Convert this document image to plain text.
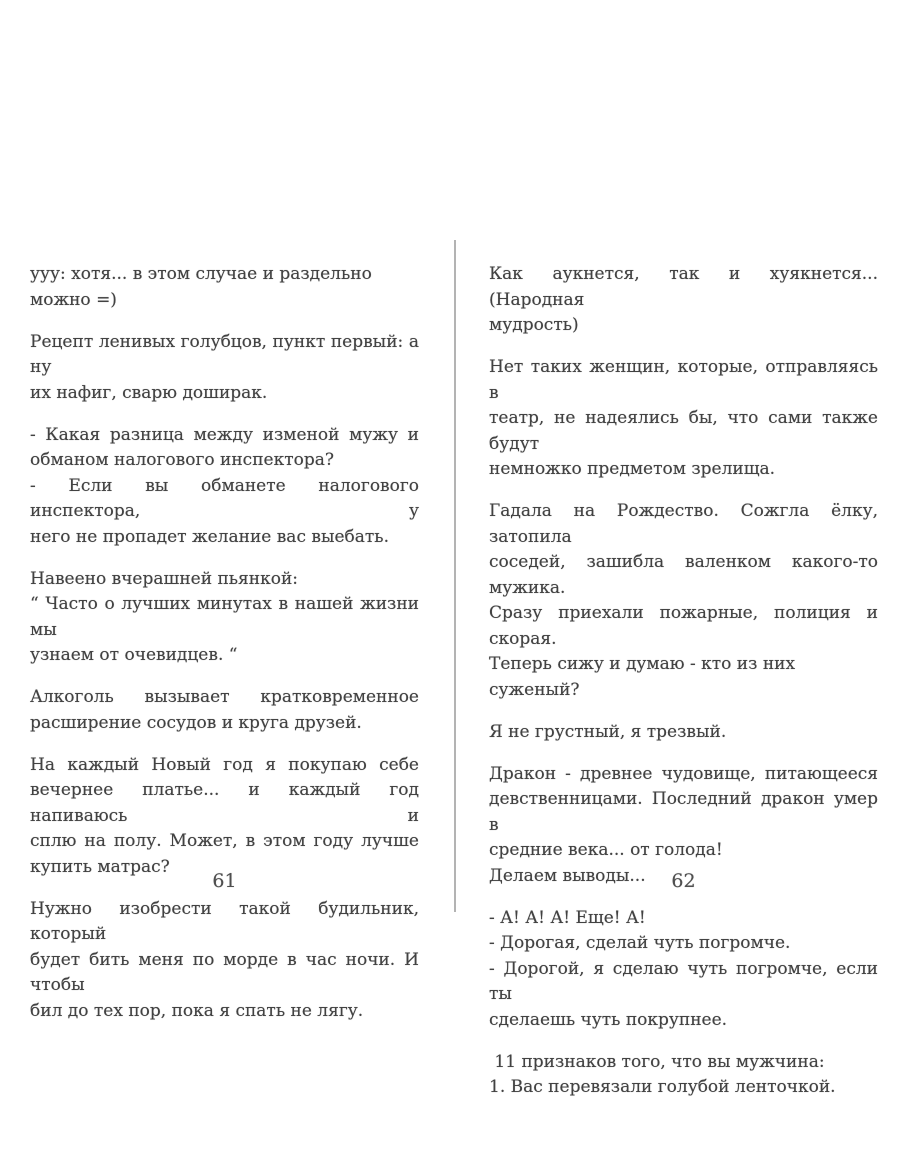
ууу: хотя... в этом случае и раздельно можно =)
Рецепт ленивых голубцов, пункт первый: а ну
их нафиг, сварю доширак.
- Какая разница между изменой мужу и
обманом налогового инспектора?
- Если вы обманете налогового инспектора, у
него не пропадет желание вас выебать.
Навеено вчерашней пьянкой:
“ Часто о лучших минутах в нашей жизни мы
узнаем от очевидцев. “
Алкоголь вызывает кратковременное
расширение сосудов и круга друзей.
На каждый Новый год я покупаю себе
вечернее платье... и каждый год напиваюсь и
сплю на полу. Может, в этом году лучше
купить матрас?
Нужно изобрести такой будильник, который
будет бить меня по морде в час ночи. И чтобы
бил до тех пор, пока я спать не лягу.
Как аукнется, так и хуякнется... (Народная
мудрость)
Нет таких женщин, которые, отправляясь в
театр, не надеялись бы, что сами также будут
немножко предметом зрелища.
Гадала на Рождество. Сожгла ёлку, затопила
соседей, зашибла валенком какого-то мужика.
Сразу приехали пожарные, полиция и скорая.
Теперь сижу и думаю - кто из них суженый?
Я не грустный, я трезвый.
Дракон - древнее чудовище, питающееся
девственницами. Последний дракон умер в
средние века... от голода!
Делаем выводы...
- А! А! А! Еще! А!
- Дорогая, сделай чуть погромче.
- Дорогой, я сделаю чуть погромче, если ты
сделаешь чуть покрупнее.
11 признаков того, что вы мужчина:
1. Вас перевязали голубой ленточкой.
61	62
